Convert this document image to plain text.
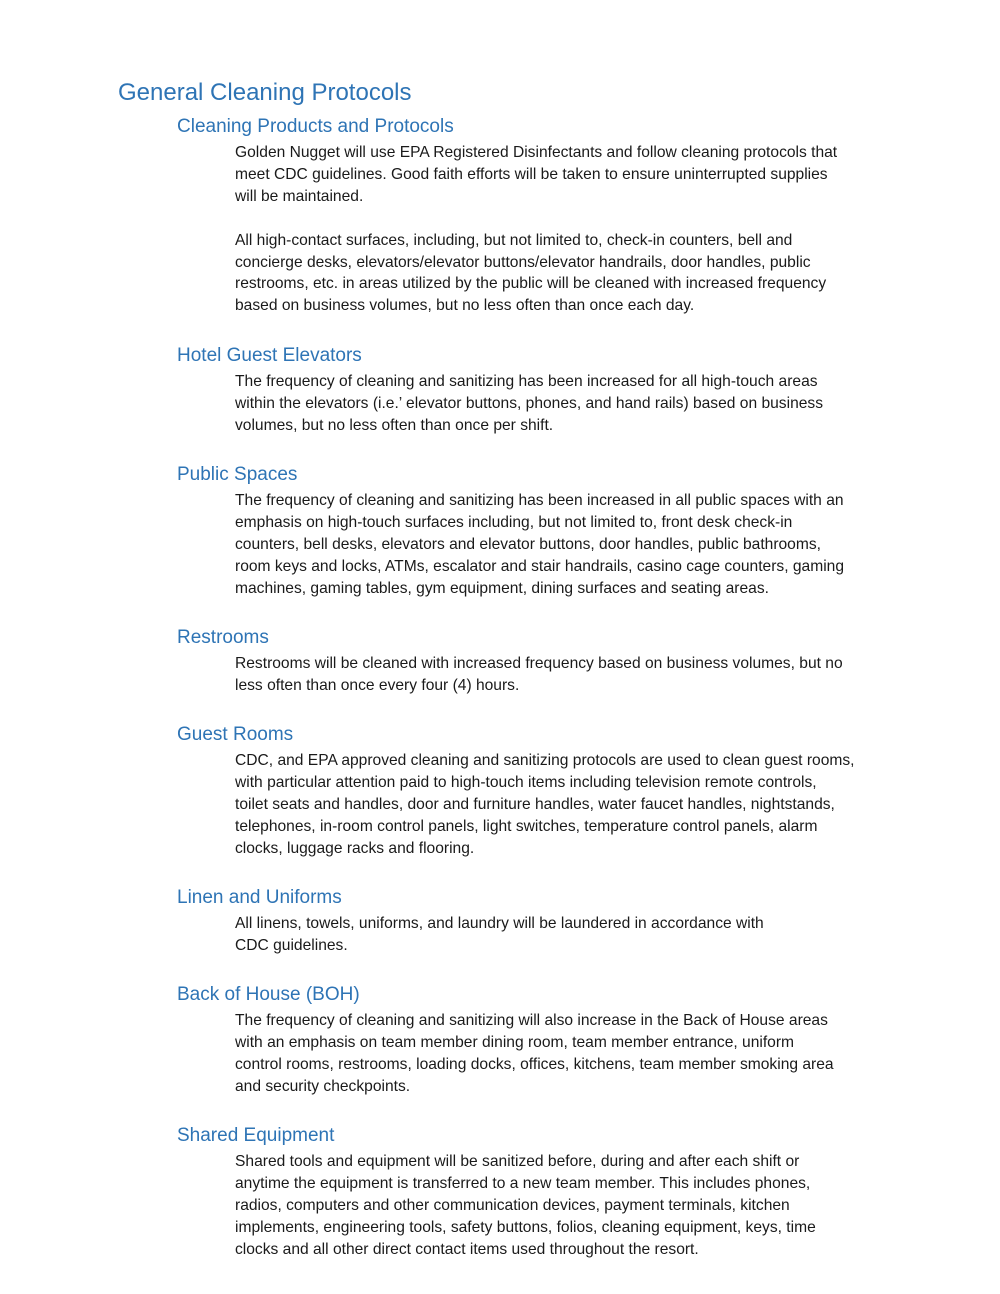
General Cleaning Protocols
Cleaning Products and Protocols

Golden Nugget will use EPA Registered Disinfectants and follow cleaning protocols that
meet CDC guidelines. Good faith efforts will be taken to ensure uninterrupted supplies
will be maintained.

All high-contact surfaces, including, but not limited to, check-in counters, bell and
concierge desks, elevators/elevator buttons/elevator handrails, door handles, public
restrooms, etc. in areas utilized by the public will be cleaned with increased frequency
based on business volumes, but no less often than once each day.

Hotel Guest Elevators

The frequency of cleaning and sanitizing has been increased for all high-touch areas
within the elevators (i.e.’ elevator buttons, phones, and hand rails) based on business
volumes, but no less often than once per shift.

Public Spaces

The frequency of cleaning and sanitizing has been increased in all public spaces with an
emphasis on high-touch surfaces including, but not limited to, front desk check-in
counters, bell desks, elevators and elevator buttons, door handles, public bathrooms,
room keys and locks, ATMs, escalator and stair handrails, casino cage counters, gaming
machines, gaming tables, gym equipment, dining surfaces and seating areas.

Restrooms

Restrooms will be cleaned with increased frequency based on business volumes, but no
less often than once every four (4) hours.

Guest Rooms

CDC, and EPA approved cleaning and sanitizing protocols are used to clean guest rooms,
with particular attention paid to high-touch items including television remote controls,
toilet seats and handles, door and furniture handles, water faucet handles, nightstands,
telephones, in-room control panels, light switches, temperature control panels, alarm
clocks, luggage racks and flooring.

Linen and Uniforms

All linens, towels, uniforms, and laundry will be laundered in accordance with
CDC guidelines.

Back of House (BOH)

The frequency of cleaning and sanitizing will also increase in the Back of House areas
with an emphasis on team member dining room, team member entrance, uniform
control rooms, restrooms, loading docks, offices, kitchens, team member smoking area
and security checkpoints.

Shared Equipment

Shared tools and equipment will be sanitized before, during and after each shift or
anytime the equipment is transferred to a new team member. This includes phones,
radios, computers and other communication devices, payment terminals, kitchen
implements, engineering tools, safety buttons, folios, cleaning equipment, keys, time
clocks and all other direct contact items used throughout the resort.
